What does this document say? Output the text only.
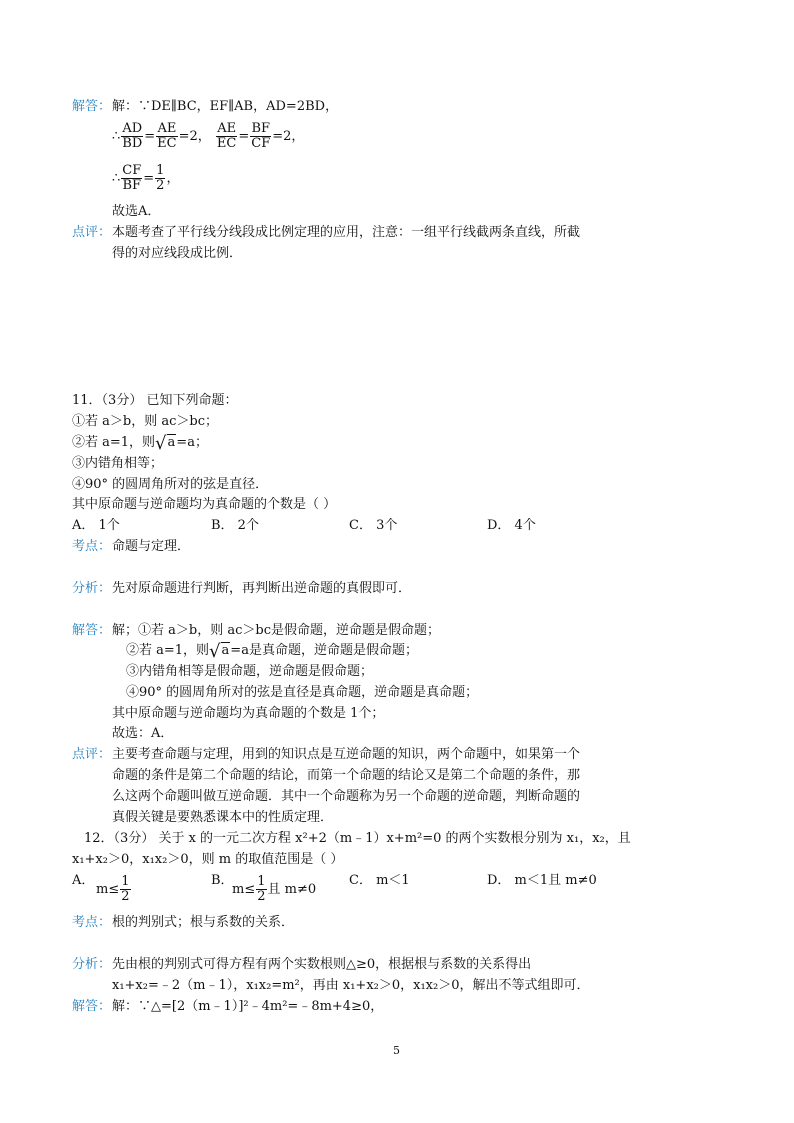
解答： 解：∵DE∥BC，EF∥AB，AD=2BD，
∴ $\frac{AD}{BD} = \frac{AE}{EC} =2$， $\frac{AE}{EC} = \frac{BF}{CF} =2$，
∴ $\frac{CF}{BF} = \frac{1}{2}$ ，
故选A．
点评： 本题考查了平行线分线段成比例定理的应用，注意：一组平行线截两条直线，所截
得的对应线段成比例．
11．（3分） 已知下列命题：
①若 a＞b，则 ac＞bc；
②若 a=1，则√a=a；
③内错角相等；
④90° 的圆周角所对的弦是直径．
其中原命题与逆命题均为真命题的个数是（ ）
A． 1个	B． 2个	C． 3个	D． 4个
考点： 命题与定理．
分析： 先对原命题进行判断，再判断出逆命题的真假即可．
解答： 解；①若 a＞b，则 ac＞bc是假命题，逆命题是假命题；
②若 a=1，则√a=a是真命题，逆命题是假命题；
③内错角相等是假命题，逆命题是假命题；
④90° 的圆周角所对的弦是直径是真命题，逆命题是真命题；
其中原命题与逆命题均为真命题的个数是 1个；
故选：A．
点评： 主要考查命题与定理，用到的知识点是互逆命题的知识，两个命题中，如果第一个
命题的条件是第二个命题的结论，而第一个命题的结论又是第二个命题的条件，那
么这两个命题叫做互逆命题．其中一个命题称为另一个命题的逆命题，判断命题的
真假关键是要熟悉课本中的性质定理．
12．（3分） 关于 x 的一元二次方程 x²+2（m﹣1）x+m²=0 的两个实数根分别为 x₁，x₂，且
x₁+x₂＞0，x₁x₂＞0，则 m 的取值范围是（ ）
A．
$m\le \frac{1}{2}$	B．
$m\le \frac{1}{2}$ 且 m≠0
C． m＜1	D． m＜1且 m≠0
考点： 根的判别式；根与系数的关系．
分析： 先由根的判别式可得方程有两个实数根则△≥0，根据根与系数的关系得出
x₁+x₂=﹣2（m﹣1），x₁x₂=m²，再由 x₁+x₂＞0，x₁x₂＞0，解出不等式组即可．
解答： 解：∵△=[2（m﹣1）]²﹣4m²=﹣8m+4≥0，
5
